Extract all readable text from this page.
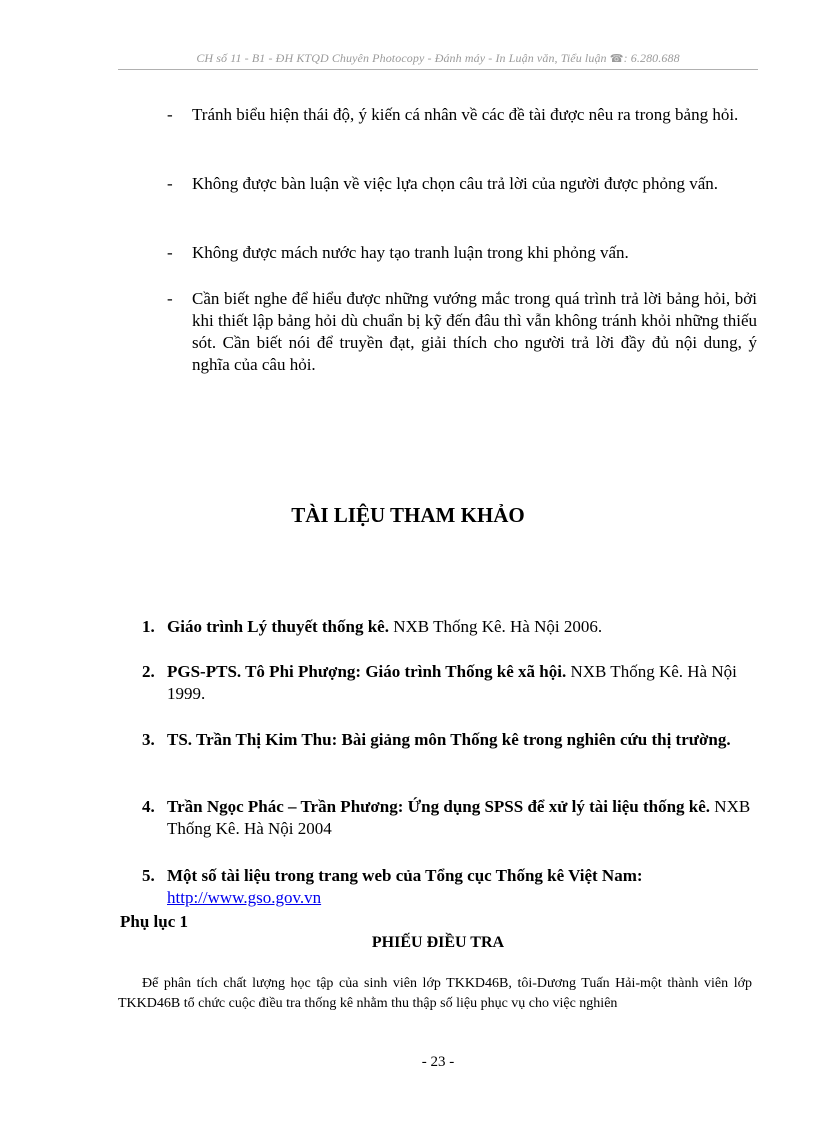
CH số 11 - B1 - ĐH KTQD Chuyên Photocopy - Đánh máy - In Luận văn, Tiểu luận ☎: 6.280.688
- Tránh biểu hiện thái độ, ý kiến cá nhân về các đề tài được nêu ra trong bảng hỏi.
- Không được bàn luận về việc lựa chọn câu trả lời của người được phỏng vấn.
- Không được mách nước hay tạo tranh luận trong khi phỏng vấn.
- Cần biết nghe để hiểu được những vướng mắc trong quá trình trả lời bảng hỏi, bởi khi thiết lập bảng hỏi dù chuẩn bị kỹ đến đâu thì vẫn không tránh khỏi những thiếu sót. Cần biết nói để truyền đạt, giải thích cho người trả lời đầy đủ nội dung, ý nghĩa của câu hỏi.
TÀI LIỆU THAM KHẢO
1. Giáo trình Lý thuyết thống kê. NXB Thống Kê. Hà Nội 2006.
2. PGS-PTS. Tô Phi Phượng: Giáo trình Thống kê xã hội. NXB Thống Kê. Hà Nội 1999.
3. TS. Trần Thị Kim Thu: Bài giảng môn Thống kê trong nghiên cứu thị trường.
4. Trần Ngọc Phác – Trần Phương: Ứng dụng SPSS để xử lý tài liệu thống kê. NXB Thống Kê. Hà Nội 2004
5. Một số tài liệu trong trang web của Tổng cục Thống kê Việt Nam:
http://www.gso.gov.vn
Phụ lục 1
PHIẾU ĐIỀU TRA
Để phân tích chất lượng học tập của sinh viên lớp TKKD46B, tôi-Dương Tuấn Hải-một thành viên lớp TKKD46B tổ chức cuộc điều tra thống kê nhằm thu thập số liệu phục vụ cho việc nghiên
- 23 -
